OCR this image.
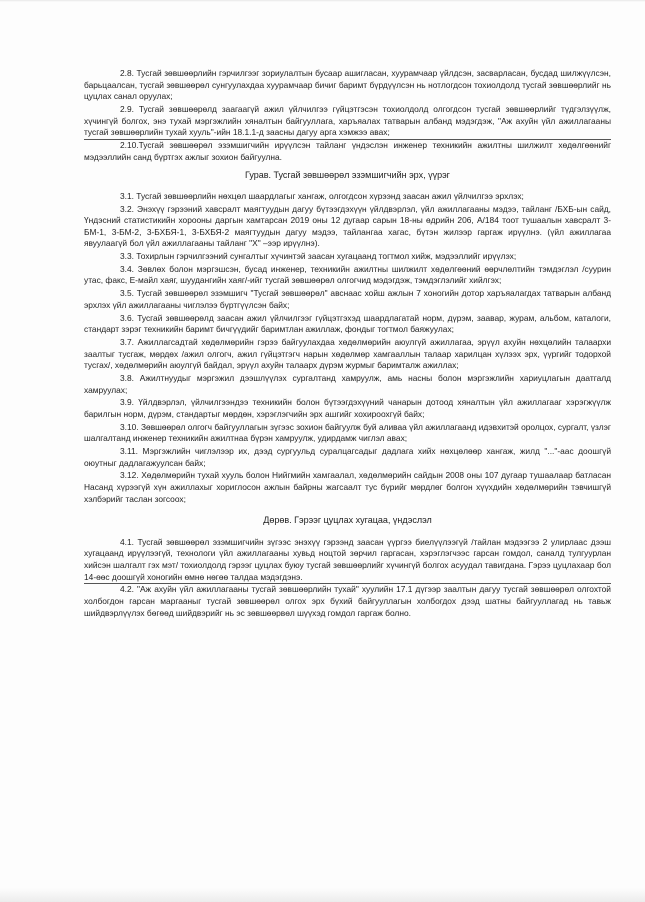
2.8. Тусгай зөвшөөрлийн гэрчилгээг зориулалтын бусаар ашигласан, хуурамчаар үйлдсэн, засварласан, бусдад шилжүүлсэн, барьцаалсан, тусгай зөвшөөрөл сунгуулахдаа хуурамчаар бичиг баримт бүрдүүлсэн нь нотлогдсон тохиолдолд тусгай зөвшөөрлийг нь цуцлах санал оруулах;

2.9. Тусгай зөвшөөрөлд заагаагүй ажил үйлчилгээ гүйцэтгэсэн тохиолдолд олгогдсон тусгай зөвшөөрлийг түдгэлзүүлж, хүчингүй болгох, энэ тухай мэргэжлийн хяналтын байгууллага, харъяалах татварын албанд мэдэгдэж, "Аж ахуйн үйл ажиллагааны тусгай зөвшөөрлийн тухай хууль"-ийн 18.1.1-д заасны дагуу арга хэмжээ авах;

2.10.Тусгай зөвшөөрөл эзэмшигчийн ирүүлсэн тайланг үндэслэн инженер техникийн ажилтны шилжилт хөдөлгөөнийг мэдээллийн санд бүртгэх ажлыг зохион байгуулна.

Гурав. Тусгай зөвшөөрөл эзэмшигчийн эрх, үүрэг

3.1. Тусгай зөвшөөрлийн нөхцөл шаардлагыг хангаж, олгогдсон хүрээнд заасан ажил үйлчилгээ эрхлэх;

3.2. Энэхүү гэрээний хавсралт маягтуудын дагуу бүтээгдэхүүн үйлдвэрлэл, үйл ажиллагааны мэдээ, тайланг /БХБ-ын сайд, Үндэсний статистикийн хорооны даргын хамтарсан 2019 оны 12 дугаар сарын 18-ны өдрийн 206, А/184 тоот тушаалын хавсралт 3-БМ-1, 3-БМ-2, 3-БХБЯ-1, 3-БХБЯ-2 маягтуудын дагуу мэдээ, тайлангаа хагас, бүтэн жилээр гаргаж ирүүлнэ. (үйл ажиллагаа явуулаагүй бол үйл ажиллагааны тайланг "Х" –ээр ирүүлнэ).

3.3. Тохирлын гэрчилгээний сунгалтыг хүчинтэй заасан хугацаанд тогтмол хийж, мэдээллийг ирүүлэх;

3.4. Зөвлөх болон мэргэшсэн, бусад инженер, техникийн ажилтны шилжилт хөдөлгөөний өөрчлөлтийн тэмдэглэл /суурин утас, факс, Е-майл хаяг, шуудангийн хаяг/-ийг тусгай зөвшөөрөл олгогчид мэдэгдэж, тэмдэглэлийг хийлгэх;

3.5. Тусгай зөвшөөрөл эзэмшигч "Тусгай зөвшөөрөл" авснаас хойш ажлын 7 хоногийн дотор харъяалагдах татварын албанд эрхлэх үйл ажиллагааны чиглэлээ бүртгүүлсэн байх;

3.6. Тусгай зөвшөөрөлд заасан ажил үйлчилгээг гүйцэтгэхэд шаардлагатай норм, дүрэм, заавар, журам, альбом, каталоги, стандарт зэрэг техникийн баримт бичгүүдийг баримтлан ажиллаж, фондыг тогтмол баяжуулах;

3.7. Ажиллагсадтай хөдөлмөрийн гэрээ байгуулахдаа хөдөлмөрийн аюулгүй ажиллагаа, эрүүл ахуйн нөхцөлийн талаархи заалтыг тусгаж, мөрдөх /ажил олгогч, ажил гүйцэтгэгч нарын хөдөлмөр хамгааллын талаар харилцан хүлээх эрх, үүргийг тодорхой тусгах/, хөдөлмөрийн аюулгүй байдал, эрүүл ахуйн талаарх дүрэм журмыг баримталж ажиллах;

3.8. Ажилтнуудыг мэргэжил дээшлүүлэх сургалтанд хамруулж, амь насны болон мэргэжлийн хариуцлагын даатгалд хамруулах;

3.9. Үйлдвэрлэл, үйлчилгээндээ техникийн болон бүтээгдэхүүний чанарын дотоод хяналтын үйл ажиллагааг хэрэгжүүлж барилгын норм, дүрэм, стандартыг мөрдөн, хэрэглэгчийн эрх ашгийг хохироохгүй байх;

3.10. Зөвшөөрөл олгогч байгууллагын зүгээс зохион байгуулж буй аливаа үйл ажиллагаанд идэвхитэй оролцох, сургалт, үзлэг шалгалтанд инженер техникийн ажилтнаа бүрэн хамруулж, удирдамж чиглэл авах;

3.11. Мэргэжлийн чиглэлээр их, дээд сургуульд суралцагсадыг дадлага хийх нөхцөлөөр хангаж, жилд "..."-аас доошгүй оюутныг дадлагажуулсан байх;

3.12. Хөдөлмөрийн тухай хууль болон Нийгмийн хамгаалал, хөдөлмөрийн сайдын 2008 оны 107 дугаар тушаалаар батласан Насанд хүрээгүй хүн ажиллахыг хориглосон ажлын байрны жагсаалт тус бүрийг мөрдлөг болгон хүүхдийн хөдөлмөрийн тэвчишгүй хэлбэрийг таслан зогсоох;

Дөрөв. Гэрээг цуцлах хугацаа, үндэслэл

4.1. Тусгай зөвшөөрөл эзэмшигчийн зүгээс энэхүү гэрээнд заасан үүргээ биелүүлээгүй /тайлан мэдээгээ 2 улирлаас дээш хугацаанд ирүүлээгүй, технологи үйл ажиллагааны хувьд ноцтой зөрчил гаргасан, хэрэглэгчээс гарсан гомдол, саналд тулгуурлан хийсэн шалгалт гэх мэт/ тохиолдолд гэрээг цуцлах буюу тусгай зөвшөөрлийг хүчингүй болгох асуудал тавигдана. Гэрээ цуцлахаар бол 14-өөс доошгүй хоногийн өмнө нөгөө талдаа мэдэгдэнэ.

4.2. "Аж ахуйн үйл ажиллагааны тусгай зөвшөөрлийн тухай" хуулийн 17.1 дүгээр заалтын дагуу тусгай зөвшөөрөл олгохтой холбогдон гарсан маргааныг тусгай зөвшөөрөл олгох эрх бүхий байгууллагын холбогдох дээд шатны байгууллагад нь тавьж шийдвэрлүүлэх бөгөөд шийдвэрийг нь эс зөвшөөрвөл шүүхэд гомдол гаргаж болно.
